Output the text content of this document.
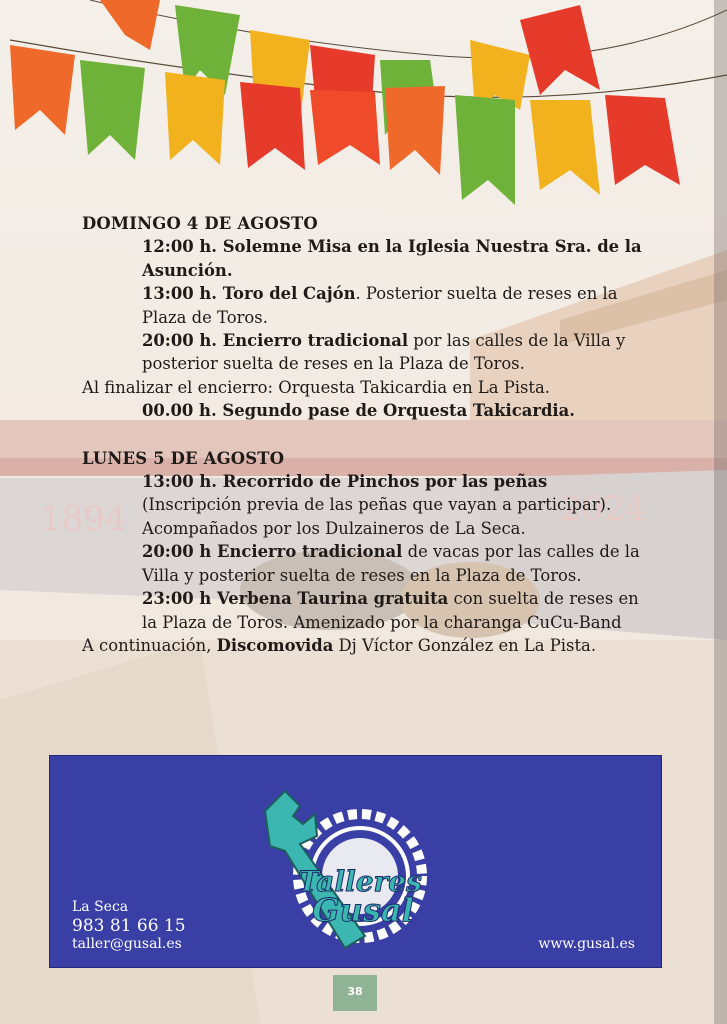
1894	2024

DOMINGO 4 DE AGOSTO

12:00 h. Solemne Misa en la Iglesia Nuestra Sra. de la Asunción.

13:00 h. Toro del Cajón. Posterior suelta de reses en la Plaza de Toros.

20:00 h. Encierro tradicional por las calles de la Villa y posterior suelta de reses en la Plaza de Toros.

Al finalizar el encierro: Orquesta Takicardia en La Pista.

00.00 h. Segundo pase de Orquesta Takicardia.

LUNES 5 DE AGOSTO

13:00 h. Recorrido de Pinchos por las peñas (Inscripción previa de las peñas que vayan a participar). Acompañados por los Dulzaineros de La Seca.

20:00 h Encierro tradicional de vacas por las calles de la Villa y posterior suelta de reses en la Plaza de Toros.

23:00 h Verbena Taurina gratuita con suelta de reses en la Plaza de Toros. Amenizado por la charanga CuCu-Band

A continuación, Discomovida Dj Víctor González en La Pista.

Talleres
Gusal
La Seca
983 81 66 15
taller@gusal.es	www.gusal.es
38
